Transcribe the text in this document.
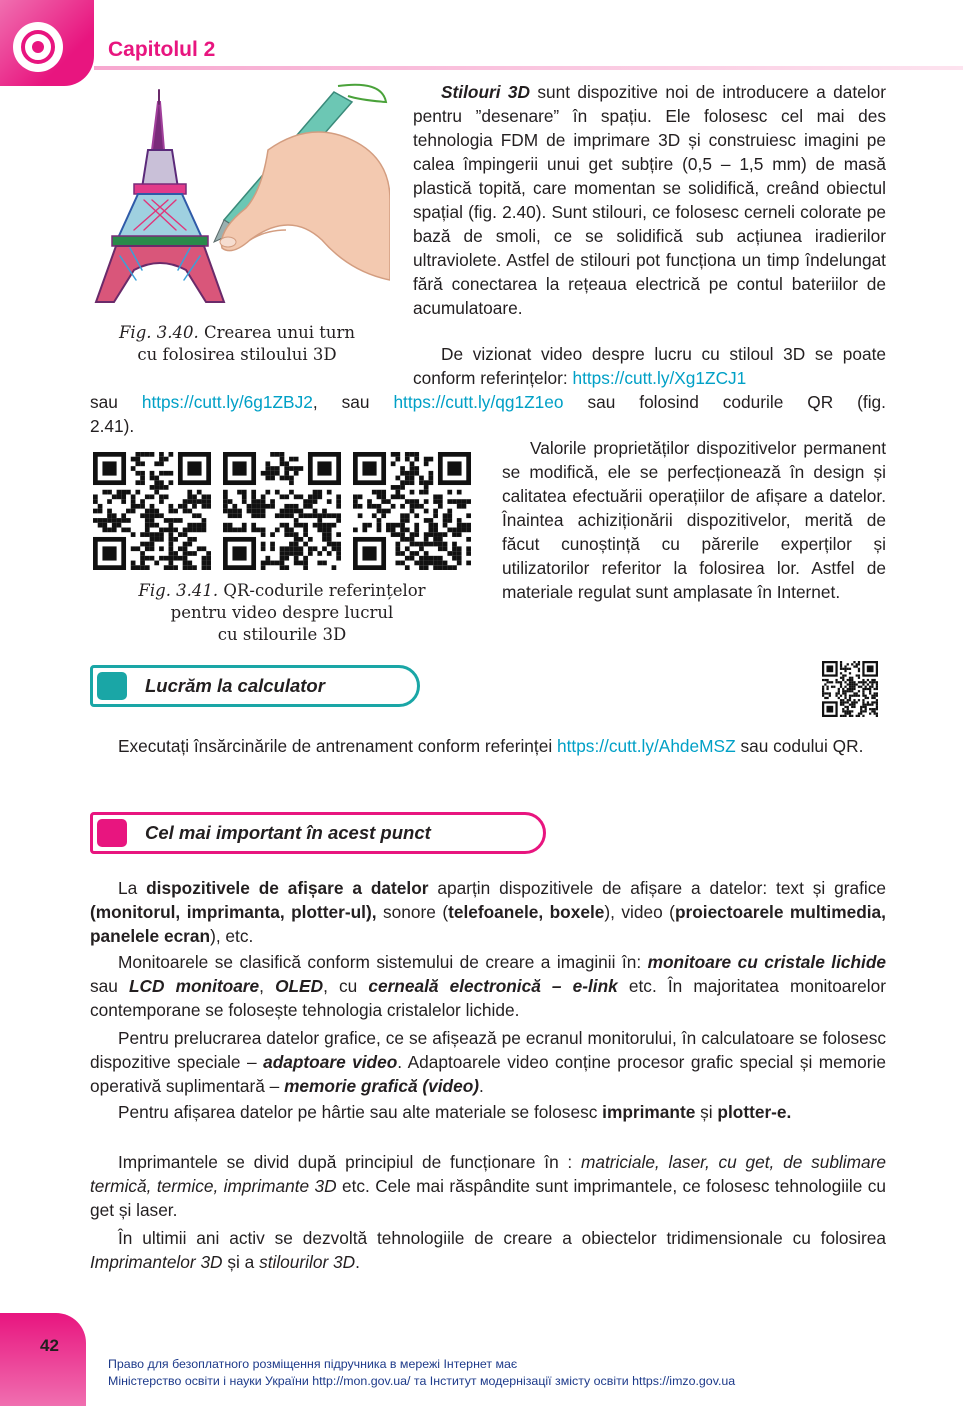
Capitolul 2
Fig. 3.40. Crearea unui turn
cu folosirea stiloului 3D
Stilouri 3D sunt dispozitive noi de introducere a datelor pentru ”desenare” în spațiu. Ele folosesc cel mai des tehnologia FDM de imprimare 3D și construiesc imagini pe calea împingerii unui get subțire (0,5 – 1,5 mm) de masă plastică topită, care momentan se solidifică, creând obiectul spațial (fig. 2.40). Sunt stilouri, ce folosesc cerneli colorate pe bază de smoli, ce se solidifică sub acțiunea iradierilor ultraviolete. Astfel de stilouri pot funcționa un timp îndelungat fără conectarea la rețeaua electrică pe contul bateriilor de acumulatoare.
De vizionat video despre lucru cu stiloul 3D se poate conform referințelor: https://cutt.ly/Xg1ZCJ1
sau https://cutt.ly/6g1ZBJ2, sau https://cutt.ly/qg1Z1eo sau folosind codurile QR (fig. 2.41).
Fig. 3.41. QR-codurile referințelor
pentru video despre lucrul
cu stilourile 3D
Valorile proprietăților dispozitivelor permanent se modifică, ele se perfecționează în design și calitatea efectuării operațiilor de afișare a datelor. Înaintea achiziționării dispozitivelor, merită de făcut cunoștință cu părerile experților și utilizatorilor referitor la folosirea lor. Astfel de materiale regulat sunt amplasate în Internet.
Lucrăm la calculator
Executați însărcinările de antrenament conform referinței https://cutt.ly/AhdeMSZ sau codului QR.
Cel mai important în acest punct
La dispozitivele de afișare a datelor aparțin dispozitivele de afișare a datelor: text și grafice (monitorul, imprimanta, plotter-ul), sonore (telefoanele, boxele), video (proiectoarele multimedia, panelele ecran), etc.
Monitoarele se clasifică conform sistemului de creare a imaginii în: monitoare cu cristale lichide sau LCD monitoare, OLED, cu cerneală electronică – e-link etc. În majoritatea monitoarelor contemporane se folosește tehnologia cristalelor lichide.
Pentru prelucrarea datelor grafice, ce se afișează pe ecranul monitorului, în calculatoare se folosesc dispozitive speciale – adaptoare video. Adaptoarele video conține procesor grafic special și memorie operativă suplimentară – memorie grafică (video).
Pentru afișarea datelor pe hârtie sau alte materiale se folosesc imprimante și plotter-e.
Imprimantele se divid după principiul de funcționare în : matriciale, laser, cu get, de sublimare termică, termice, imprimante 3D etc. Cele mai răspândite sunt imprimantele, ce folosesc tehnologiile cu get și laser.
În ultimii ani activ se dezvoltă tehnologiile de creare a obiectelor tridimensionale cu folosirea Imprimantelor 3D și a stilourilor 3D.
42
Право для безоплатного розміщення підручника в мережі Інтернет має
Міністерство освіти і науки України http://mon.gov.ua/ та Інститут модернізації змісту освіти https://imzo.gov.ua
